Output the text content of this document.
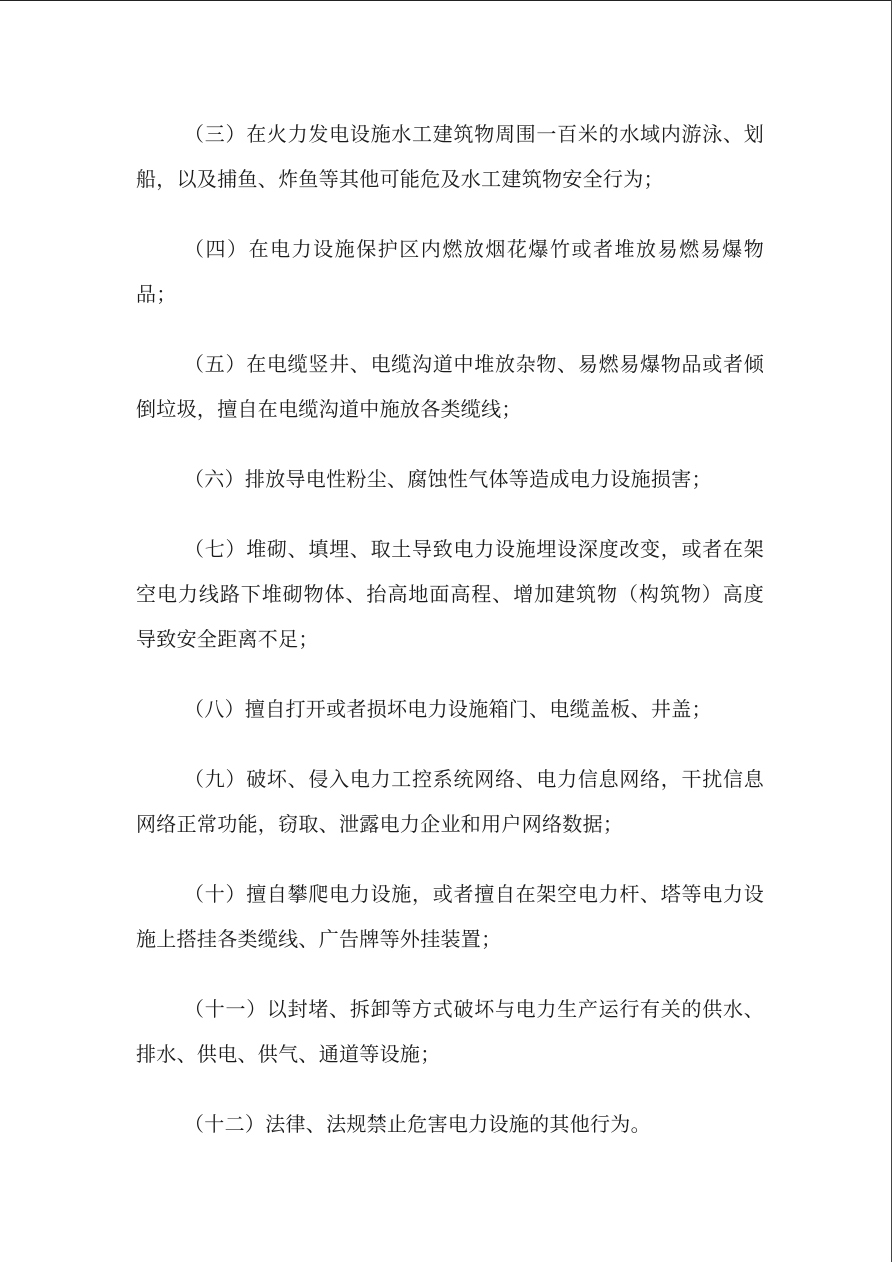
（三）在火力发电设施水工建筑物周围一百米的水域内游泳、划船，以及捕鱼、炸鱼等其他可能危及水工建筑物安全行为；

（四）在电力设施保护区内燃放烟花爆竹或者堆放易燃易爆物品；

（五）在电缆竖井、电缆沟道中堆放杂物、易燃易爆物品或者倾倒垃圾，擅自在电缆沟道中施放各类缆线；

（六）排放导电性粉尘、腐蚀性气体等造成电力设施损害；

（七）堆砌、填埋、取土导致电力设施埋设深度改变，或者在架空电力线路下堆砌物体、抬高地面高程、增加建筑物（构筑物）高度导致安全距离不足；

（八）擅自打开或者损坏电力设施箱门、电缆盖板、井盖；

（九）破坏、侵入电力工控系统网络、电力信息网络，干扰信息网络正常功能，窃取、泄露电力企业和用户网络数据；

（十）擅自攀爬电力设施，或者擅自在架空电力杆、塔等电力设施上搭挂各类缆线、广告牌等外挂装置；

（十一）以封堵、拆卸等方式破坏与电力生产运行有关的供水、排水、供电、供气、通道等设施；

（十二）法律、法规禁止危害电力设施的其他行为。
